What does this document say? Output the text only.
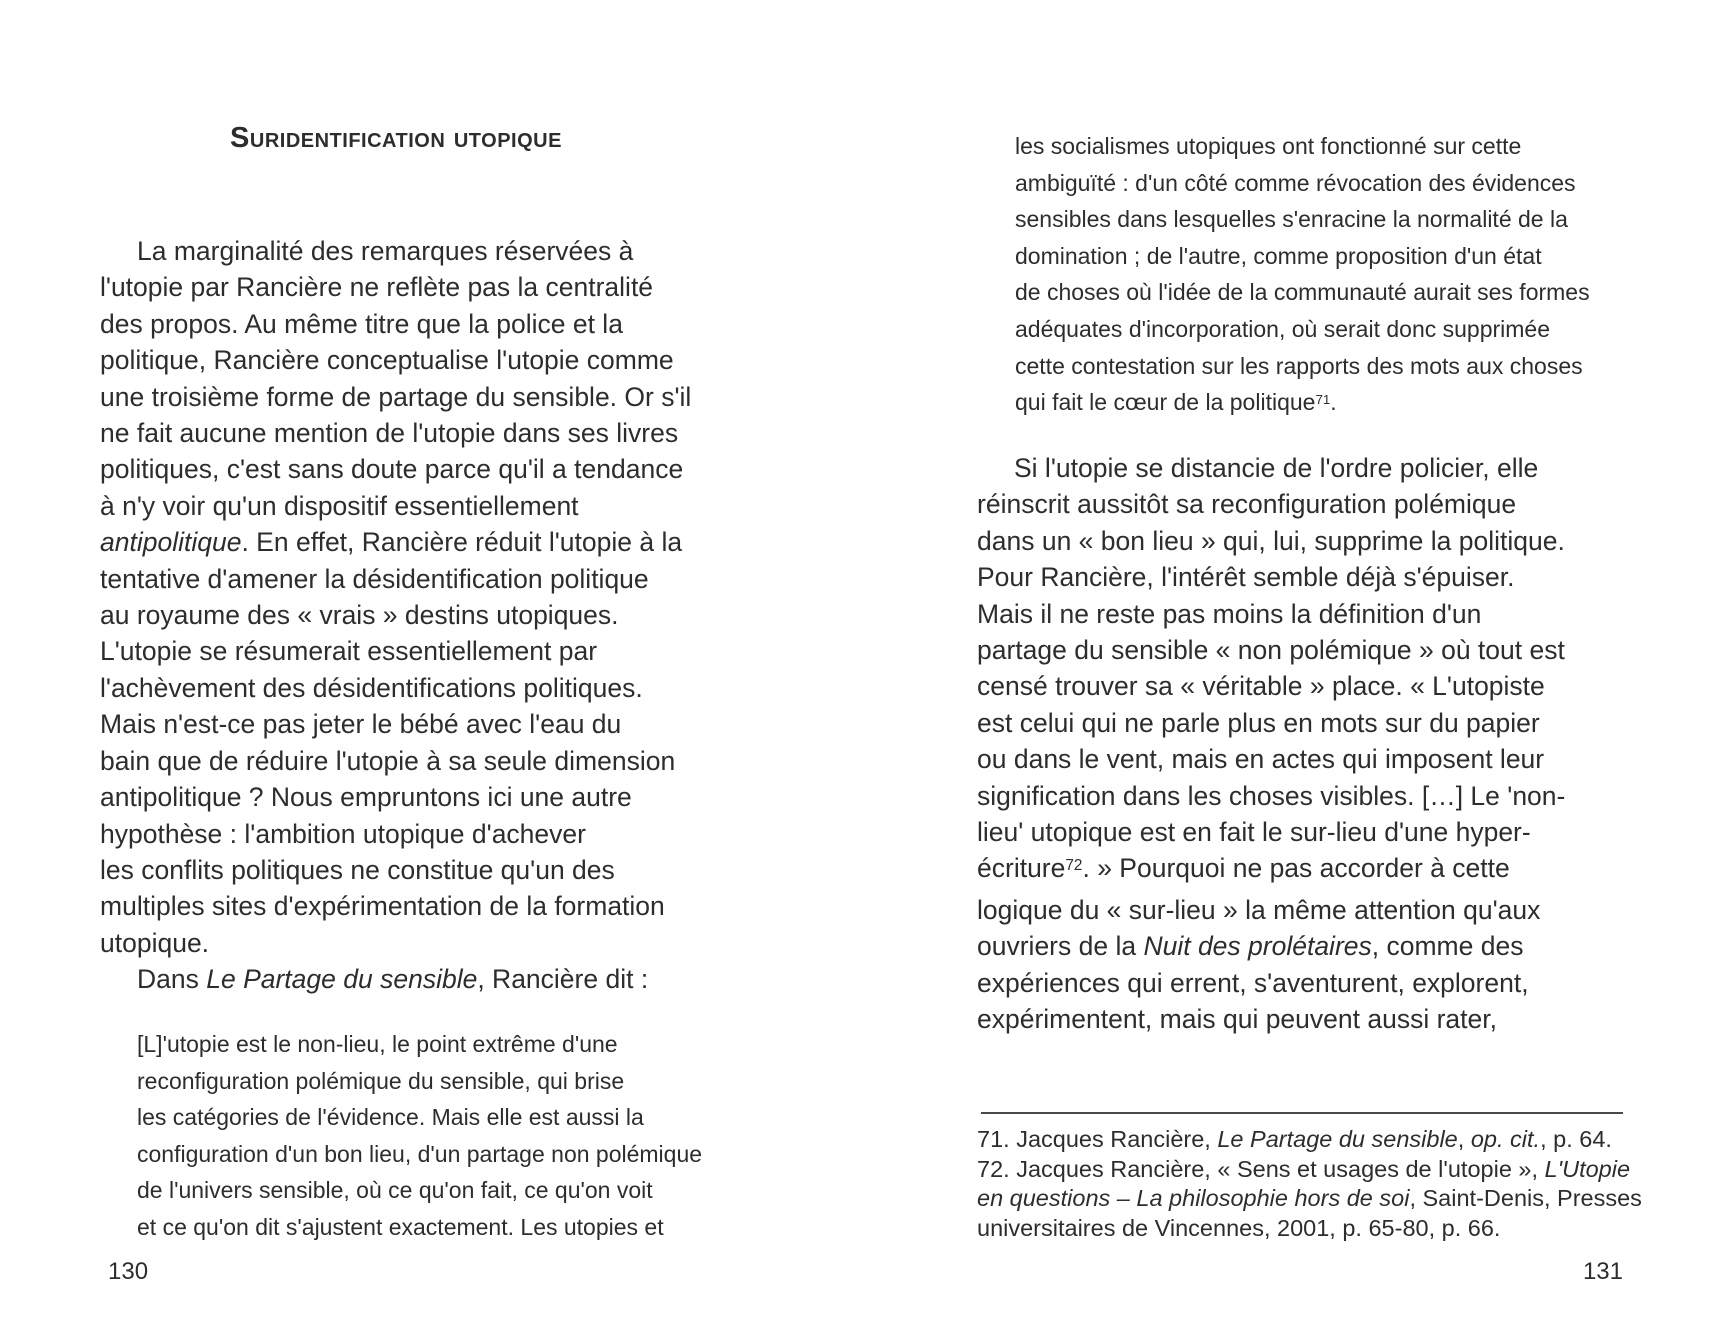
Suridentification utopique
La marginalité des remarques réservées à
l'utopie par Rancière ne reflète pas la centralité
des propos. Au même titre que la police et la
politique, Rancière conceptualise l'utopie comme
une troisième forme de partage du sensible. Or s'il
ne fait aucune mention de l'utopie dans ses livres
politiques, c'est sans doute parce qu'il a tendance
à n'y voir qu'un dispositif essentiellement
antipolitique. En effet, Rancière réduit l'utopie à la
tentative d'amener la désidentification politique
au royaume des « vrais » destins utopiques.
L'utopie se résumerait essentiellement par
l'achèvement des désidentifications politiques.
Mais n'est-ce pas jeter le bébé avec l'eau du
bain que de réduire l'utopie à sa seule dimension
antipolitique ? Nous empruntons ici une autre
hypothèse : l'ambition utopique d'achever
les conflits politiques ne constitue qu'un des
multiples sites d'expérimentation de la formation
utopique.
Dans Le Partage du sensible, Rancière dit :
[L]'utopie est le non-lieu, le point extrême d'une
reconfiguration polémique du sensible, qui brise
les catégories de l'évidence. Mais elle est aussi la
configuration d'un bon lieu, d'un partage non polémique
de l'univers sensible, où ce qu'on fait, ce qu'on voit
et ce qu'on dit s'ajustent exactement. Les utopies et
130
les socialismes utopiques ont fonctionné sur cette
ambiguïté : d'un côté comme révocation des évidences
sensibles dans lesquelles s'enracine la normalité de la
domination ; de l'autre, comme proposition d'un état
de choses où l'idée de la communauté aurait ses formes
adéquates d'incorporation, où serait donc supprimée
cette contestation sur les rapports des mots aux choses
qui fait le cœur de la politique$^{71}$.
Si l'utopie se distancie de l'ordre policier, elle
réinscrit aussitôt sa reconfiguration polémique
dans un « bon lieu » qui, lui, supprime la politique.
Pour Rancière, l'intérêt semble déjà s'épuiser.
Mais il ne reste pas moins la définition d'un
partage du sensible « non polémique » où tout est
censé trouver sa « véritable » place. « L'utopiste
est celui qui ne parle plus en mots sur du papier
ou dans le vent, mais en actes qui imposent leur
signification dans les choses visibles. […] Le 'non-
lieu' utopique est en fait le sur-lieu d'une hyper-
écriture$^{72}$. » Pourquoi ne pas accorder à cette
logique du « sur-lieu » la même attention qu'aux
ouvriers de la Nuit des prolétaires, comme des
expériences qui errent, s'aventurent, explorent,
expérimentent, mais qui peuvent aussi rater,
71. Jacques Rancière, Le Partage du sensible, op. cit., p. 64.
72. Jacques Rancière, « Sens et usages de l'utopie », L'Utopie
en questions – La philosophie hors de soi, Saint-Denis, Presses
universitaires de Vincennes, 2001, p. 65-80, p. 66.
131
